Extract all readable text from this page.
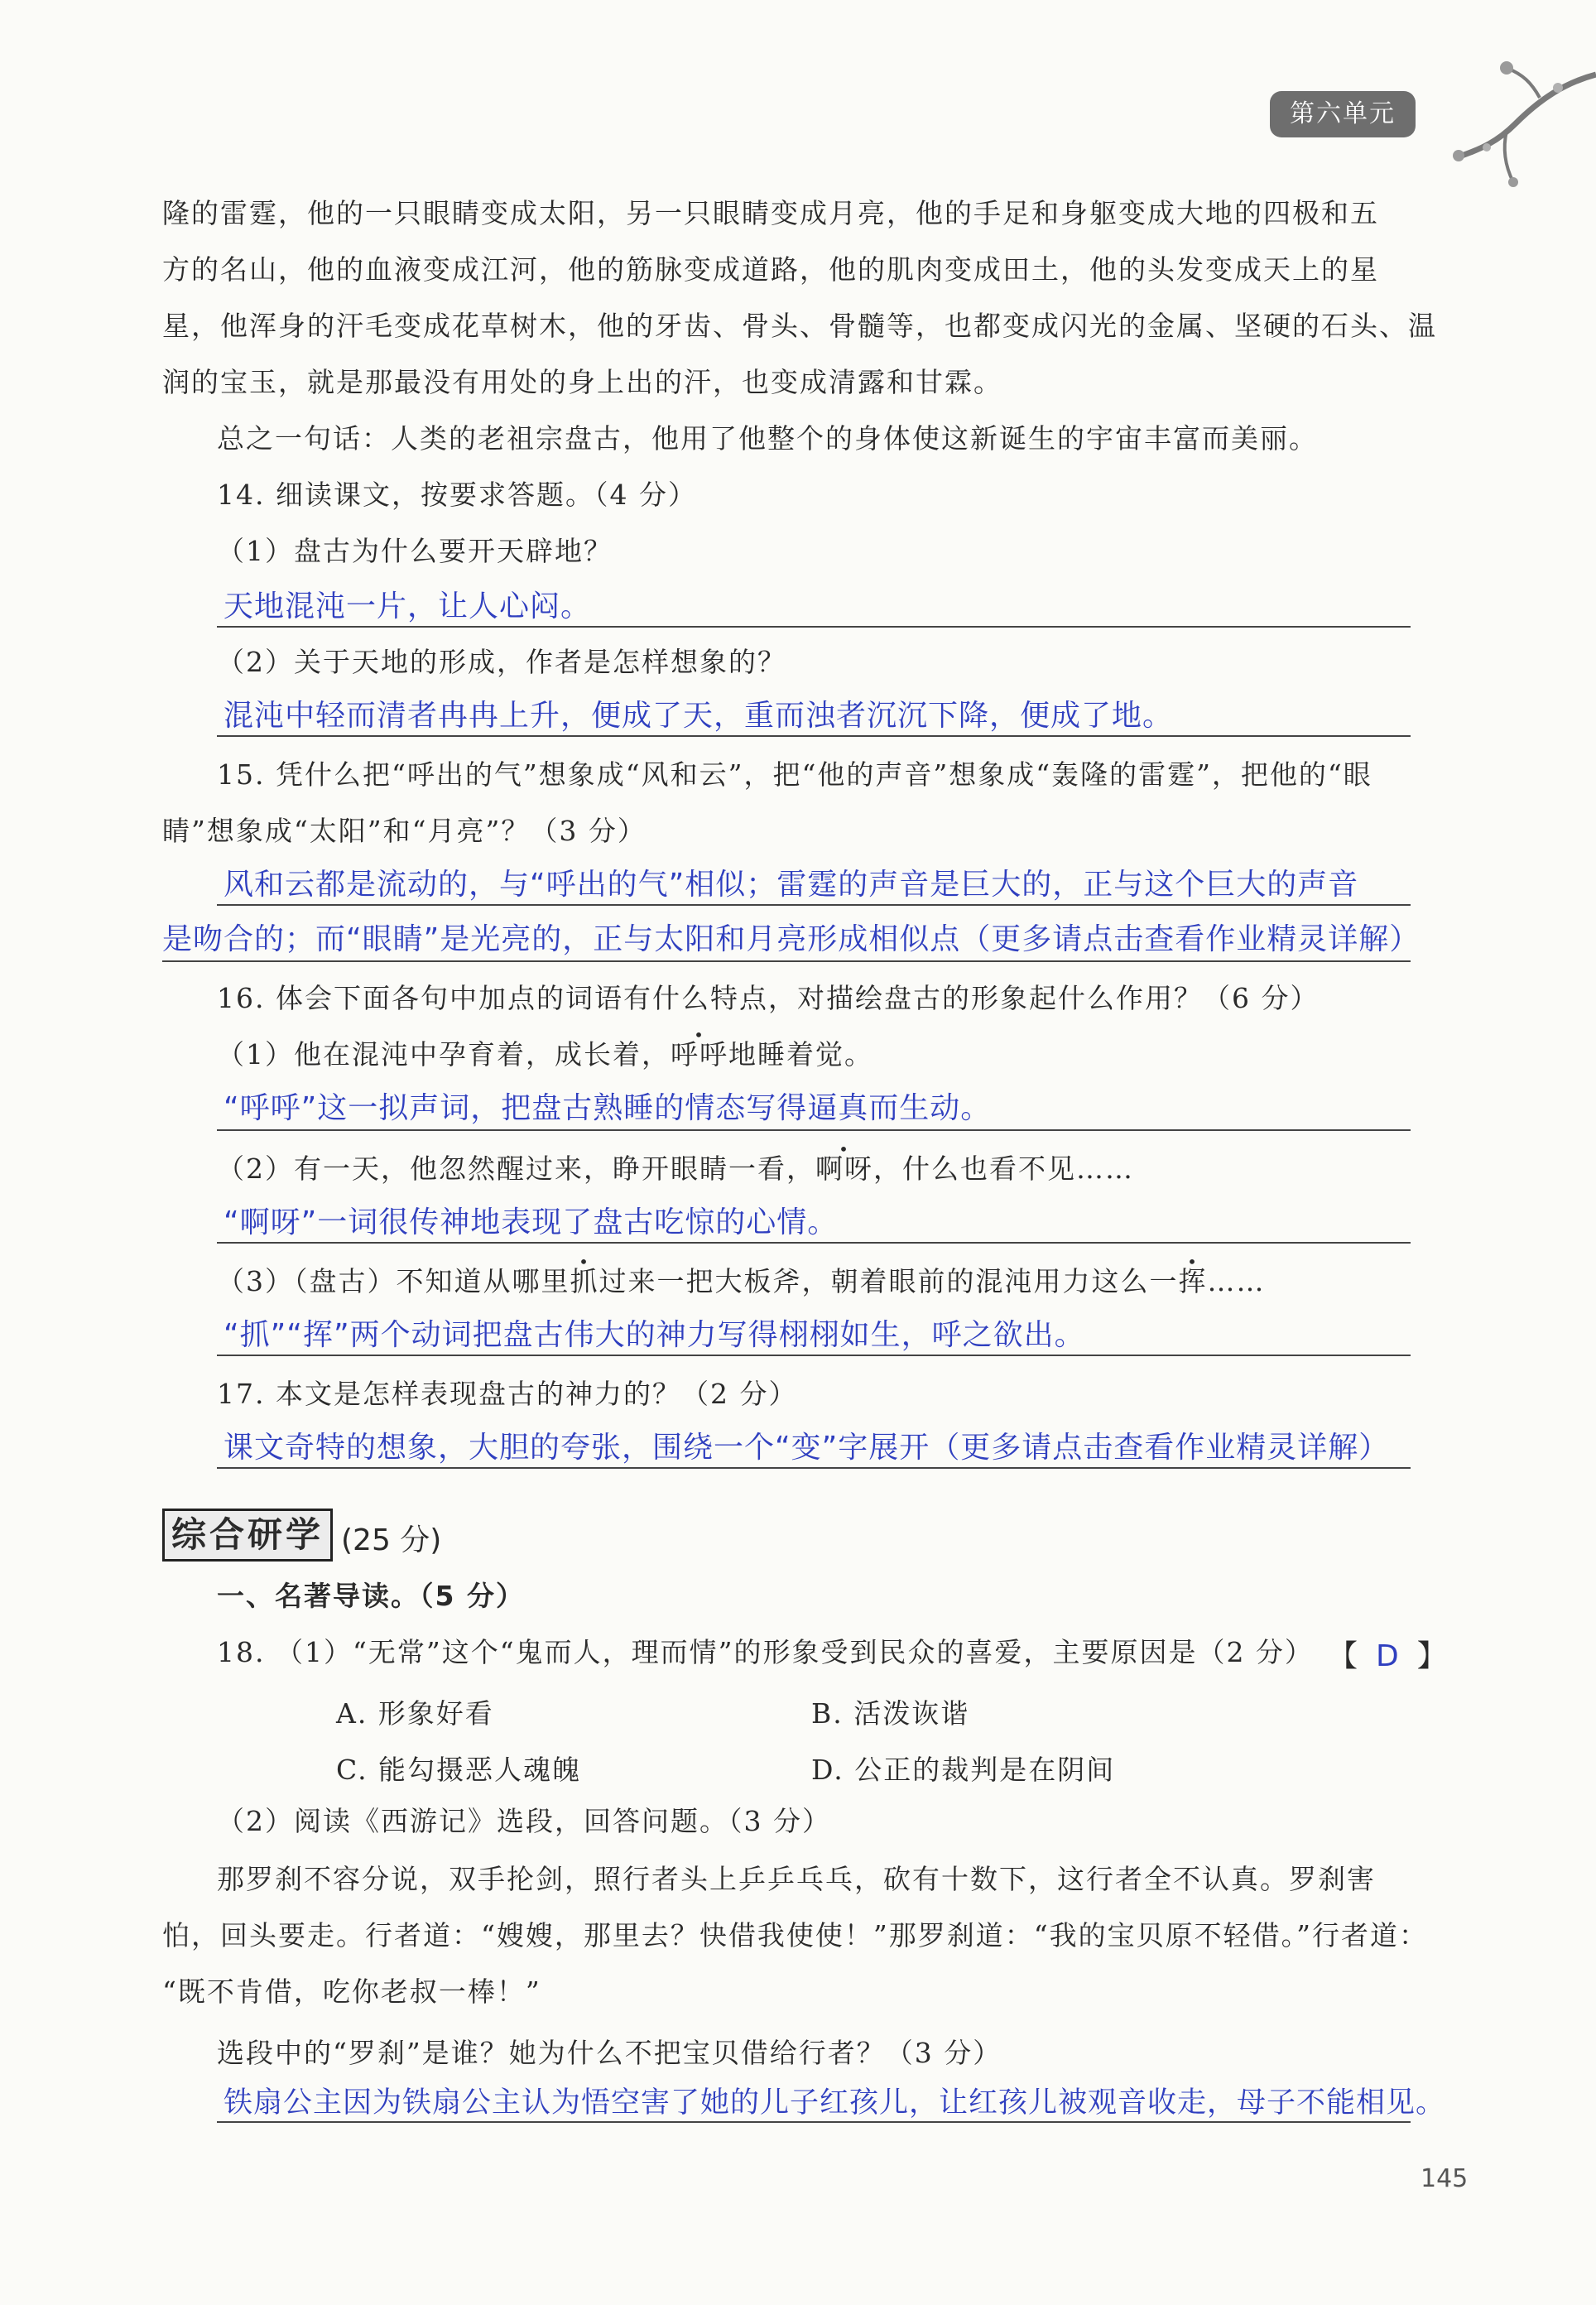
第六单元
隆的雷霆，他的一只眼睛变成太阳，另一只眼睛变成月亮，他的手足和身躯变成大地的四极和五
方的名山，他的血液变成江河，他的筋脉变成道路，他的肌肉变成田土，他的头发变成天上的星
星，他浑身的汗毛变成花草树木，他的牙齿、骨头、骨髓等，也都变成闪光的金属、坚硬的石头、温
润的宝玉，就是那最没有用处的身上出的汗，也变成清露和甘霖。
总之一句话：人类的老祖宗盘古，他用了他整个的身体使这新诞生的宇宙丰富而美丽。
14. 细读课文，按要求答题。（4 分）
（1）盘古为什么要开天辟地？
天地混沌一片，让人心闷。
（2）关于天地的形成，作者是怎样想象的？
混沌中轻而清者冉冉上升，便成了天，重而浊者沉沉下降，便成了地。
15. 凭什么把“呼出的气”想象成“风和云”，把“他的声音”想象成“轰隆的雷霆”，把他的“眼
睛”想象成“太阳”和“月亮”？（3 分）
风和云都是流动的，与“呼出的气”相似；雷霆的声音是巨大的，正与这个巨大的声音
是吻合的；而“眼睛”是光亮的，正与太阳和月亮形成相似点（更多请点击查看作业精灵详解）
16. 体会下面各句中加点的词语有什么特点，对描绘盘古的形象起什么作用？（6 分）
（1）他在混沌中孕育着，成长着，呼呼地睡着觉。
“呼呼”这一拟声词，把盘古熟睡的情态写得逼真而生动。
（2）有一天，他忽然醒过来，睁开眼睛一看，啊呀，什么也看不见……
“啊呀”一词很传神地表现了盘古吃惊的心情。
（3）（盘古）不知道从哪里抓过来一把大板斧，朝着眼前的混沌用力这么一挥……
“抓”“挥”两个动词把盘古伟大的神力写得栩栩如生，呼之欲出。
17. 本文是怎样表现盘古的神力的？（2 分）
课文奇特的想象，大胆的夸张，围绕一个“变”字展开（更多请点击查看作业精灵详解）
综合研学 (25 分)
一、名著导读。（5 分）
18. （1）“无常”这个“鬼而人，理而情”的形象受到民众的喜爱，主要原因是（2 分） 【 D 】
A. 形象好看	B. 活泼诙谐
C. 能勾摄恶人魂魄	D. 公正的裁判是在阴间
（2）阅读《西游记》选段，回答问题。（3 分）
那罗刹不容分说，双手抡剑，照行者头上乒乒乓乓，砍有十数下，这行者全不认真。罗刹害
怕，回头要走。行者道：“嫂嫂，那里去？快借我使使！”那罗刹道：“我的宝贝原不轻借。”行者道：
“既不肯借，吃你老叔一棒！”
选段中的“罗刹”是谁？她为什么不把宝贝借给行者？（3 分）
铁扇公主因为铁扇公主认为悟空害了她的儿子红孩儿，让红孩儿被观音收走，母子不能相见。
145
